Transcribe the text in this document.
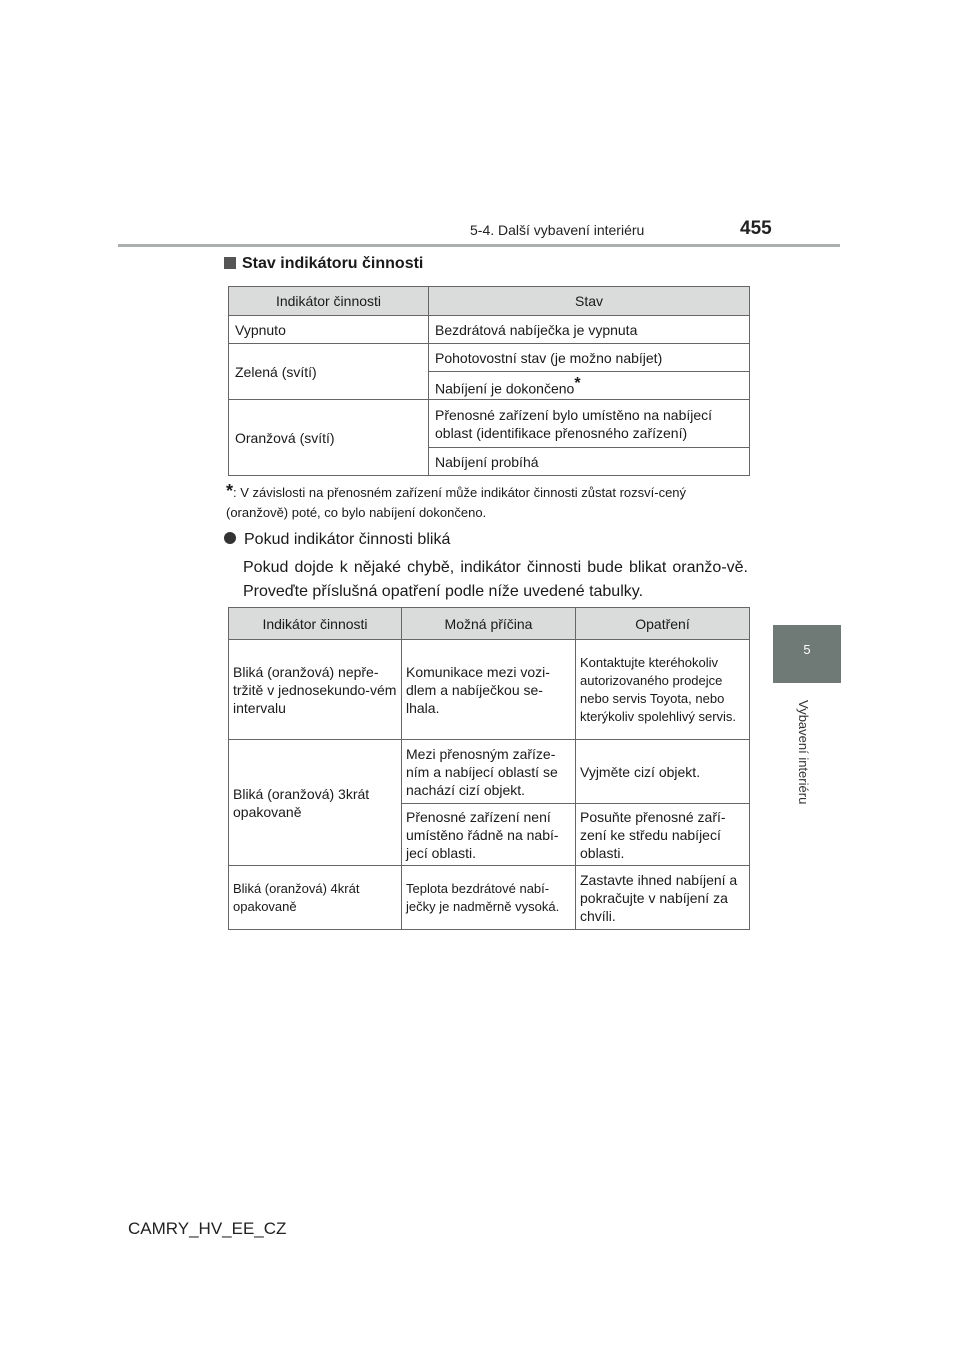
5-4. Další vybavení interiéru	455
5
Vybavení interiéru
Stav indikátoru činnosti
Indikátor činnosti	Stav
Vypnuto	Bezdrátová nabíječka je vypnuta
Zelená (svítí)	Pohotovostní stav (je možno nabíjet)
	Nabíjení je dokončeno*
Oranžová (svítí)	Přenosné zařízení bylo umístěno na nabíjecí oblast (identifikace přenosného zařízení)
	Nabíjení probíhá
*: V závislosti na přenosném zařízení může indikátor činnosti zůstat rozsví-cený (oranžově) poté, co bylo nabíjení dokončeno.
Pokud indikátor činnosti bliká
Pokud dojde k nějaké chybě, indikátor činnosti bude blikat oranžo-vě. Proveďte příslušná opatření podle níže uvedené tabulky.
Indikátor činnosti	Možná příčina	Opatření
Bliká (oranžová) nepře-tržitě v jednosekundo-vém intervalu	Komunikace mezi vozi-dlem a nabíječkou se-lhala.	Kontaktujte kteréhokoliv autorizovaného prodejce nebo servis Toyota, nebo kterýkoliv spolehlivý servis.
Bliká (oranžová) 3krát opakovaně	Mezi přenosným zaříze-ním a nabíjecí oblastí se nachází cizí objekt.	Vyjměte cizí objekt.
	Přenosné zařízení není umístěno řádně na nabí-jecí oblasti.	Posuňte přenosné zaří-zení ke středu nabíjecí oblasti.
Bliká (oranžová) 4krát opakovaně	Teplota bezdrátové nabí-ječky je nadměrně vysoká.	Zastavte ihned nabíjení a pokračujte v nabíjení za chvíli.
CAMRY_HV_EE_CZ
